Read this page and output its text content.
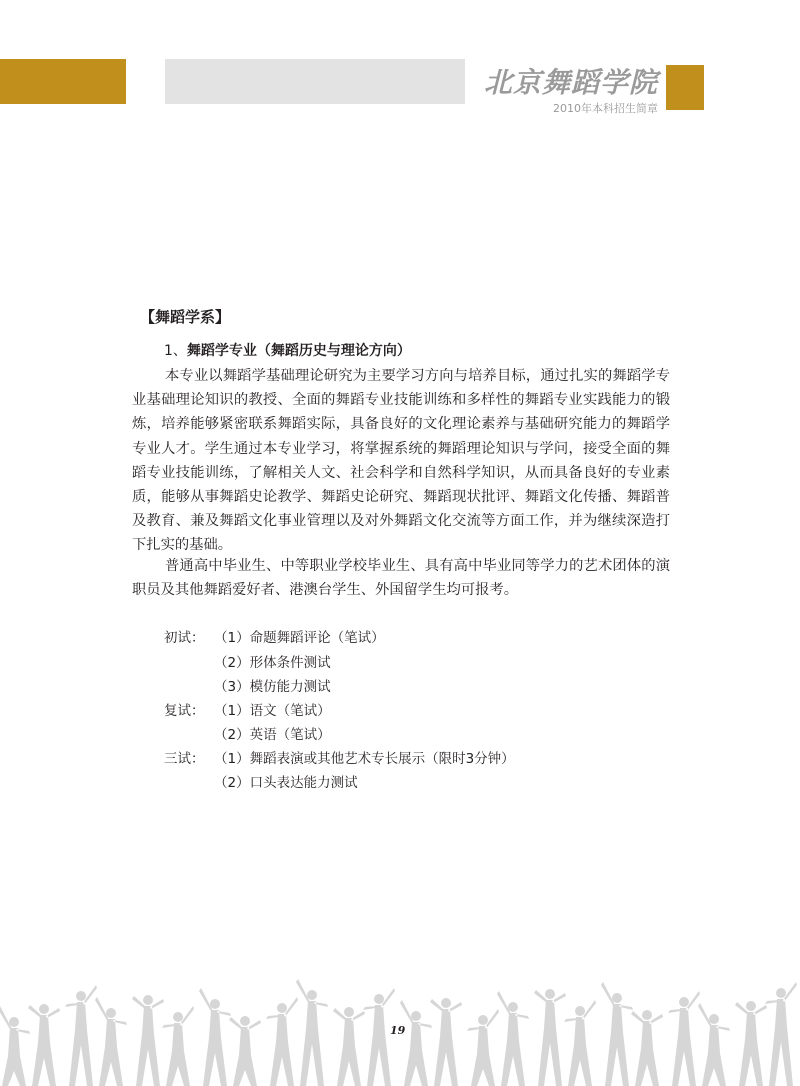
北京舞蹈学院
2010年本科招生简章
【舞蹈学系】
1、舞蹈学专业（舞蹈历史与理论方向）

本专业以舞蹈学基础理论研究为主要学习方向与培养目标，通过扎实的舞蹈学专业基础理论知识的教授、全面的舞蹈专业技能训练和多样性的舞蹈专业实践能力的锻炼，培养能够紧密联系舞蹈实际，具备良好的文化理论素养与基础研究能力的舞蹈学专业人才。学生通过本专业学习，将掌握系统的舞蹈理论知识与学问，接受全面的舞蹈专业技能训练，了解相关人文、社会科学和自然科学知识，从而具备良好的专业素质，能够从事舞蹈史论教学、舞蹈史论研究、舞蹈现状批评、舞蹈文化传播、舞蹈普及教育、兼及舞蹈文化事业管理以及对外舞蹈文化交流等方面工作，并为继续深造打下扎实的基础。

普通高中毕业生、中等职业学校毕业生、具有高中毕业同等学力的艺术团体的演职员及其他舞蹈爱好者、港澳台学生、外国留学生均可报考。

初试： （1）命题舞蹈评论（笔试）
（2）形体条件测试
（3）模仿能力测试
复试： （1）语文（笔试）
（2）英语（笔试）
三试： （1）舞蹈表演或其他艺术专长展示（限时3分钟）
（2）口头表达能力测试
19
